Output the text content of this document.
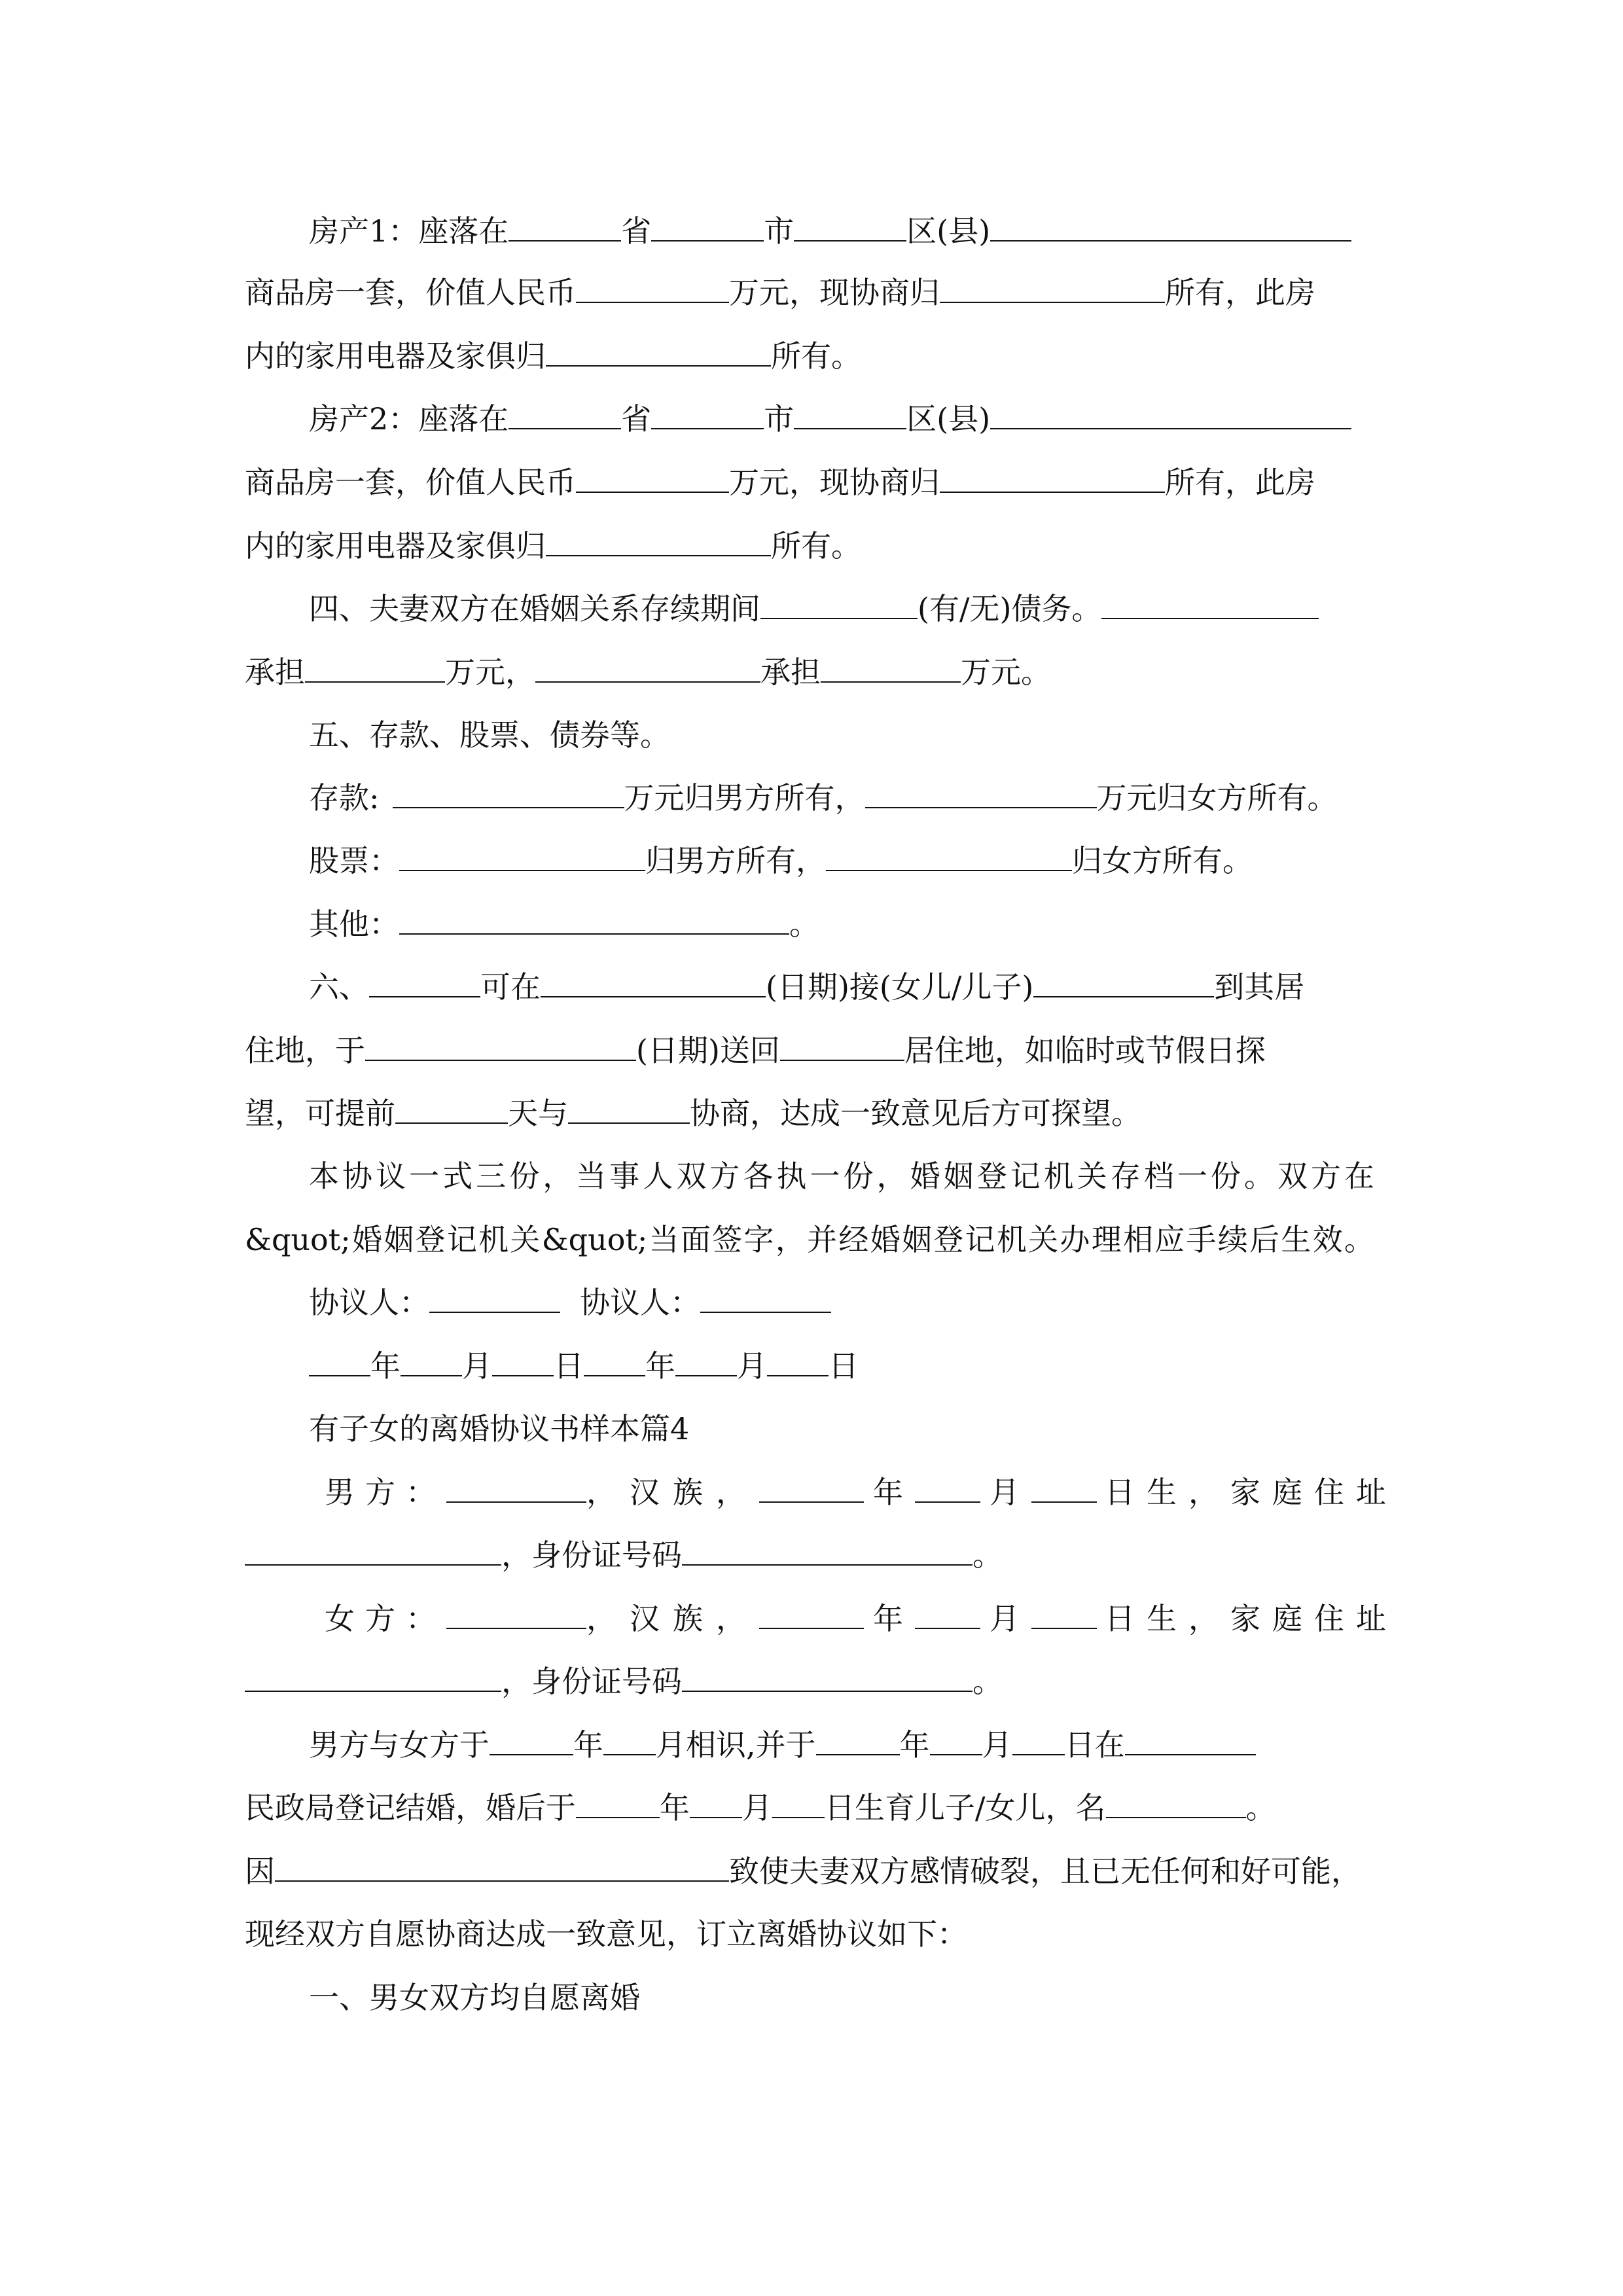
房产1：座落在	省	市	区(县)
商品房一套，价值人民币	万元，现协商归	所有，此房
内的家用电器及家俱归	所有。
房产2：座落在	省	市	区(县)
商品房一套，价值人民币	万元，现协商归	所有，此房
内的家用电器及家俱归	所有。
四、夫妻双方在婚姻关系存续期间	(有/无)债务。
承担	万元，	承担	万元。
五、存款、股票、债券等。
存款:	万元归男方所有，	万元归女方所有。
股票：	归男方所有，	归女方所有。
其他：	。
六、	可在	(日期)接(女儿/儿子)	到其居
住地，于	(日期)送回	居住地，如临时或节假日探
望，可提前	天与	协商，达成一致意见后方可探望。
本协议一式三份，当事人双方各执一份，婚姻登记机关存档一份。双方在
&quot;婚姻登记机关&quot;当面签字，并经婚姻登记机关办理相应手续后生效。
协议人：	协议人：
年 月 日 年 月 日
有子女的离婚协议书样本篇4
男方：	，汉族，	年	月	日生，家庭住址
，身份证号码	。
女方：	，汉族，	年	月	日生，家庭住址
，身份证号码	。
男方与女方于	年 月相识,并于	年 月 日在
民政局登记结婚，婚后于	年 月 日生育儿子/女儿，名	。
因	致使夫妻双方感情破裂，且已无任何和好可能，
现经双方自愿协商达成一致意见，订立离婚协议如下：
一、男女双方均自愿离婚
